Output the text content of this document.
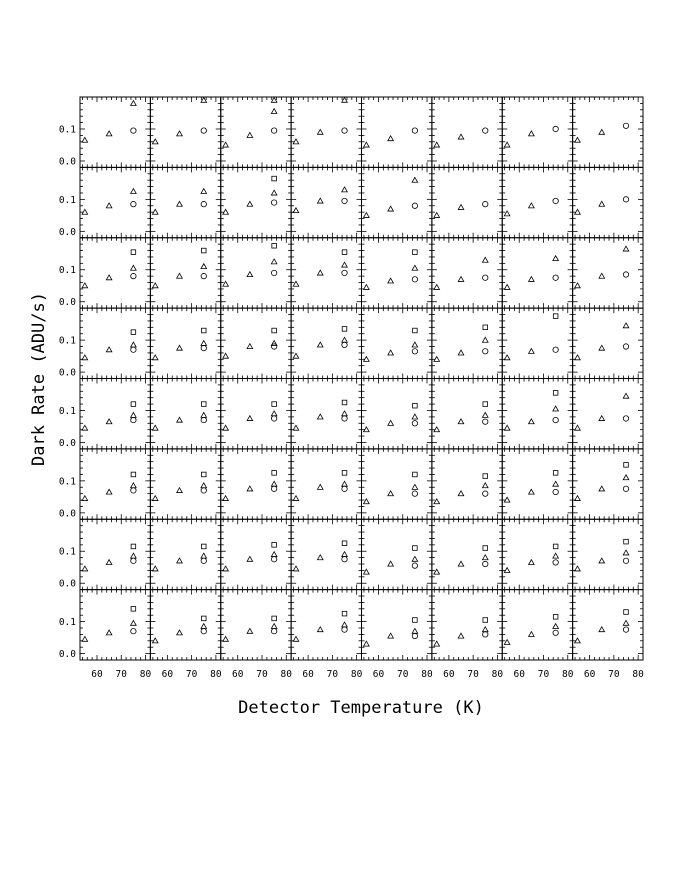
0.0
0.1
0.0
0.1
0.0
0.1
0.0
0.1
0.0
0.1
0.0
0.1
0.0
0.1
0.0
0.1
60 70 80 60 70 80 60 70 80 60 70 80 60 70 80 60 70 80 60 70 80 60 70 80
Detector Temperature (K)
Dark Rate (ADU/s)
